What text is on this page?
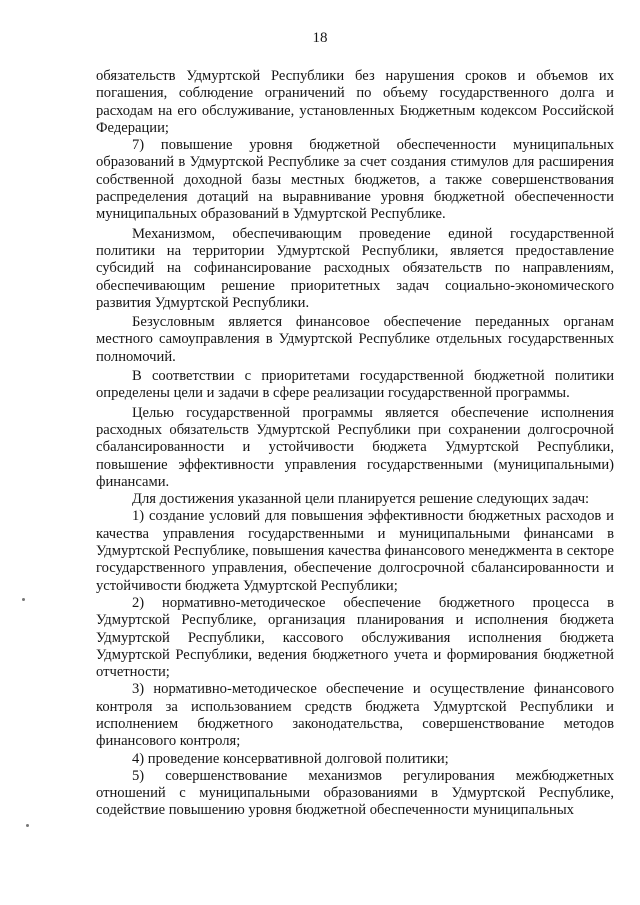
18

обязательств Удмуртской Республики без нарушения сроков и объемов их погашения, соблюдение ограничений по объему государственного долга и расходам на его обслуживание, установленных Бюджетным кодексом Российской Федерации;

7) повышение уровня бюджетной обеспеченности муниципальных образований в Удмуртской Республике за счет создания стимулов для расширения собственной доходной базы местных бюджетов, а также совершенствования распределения дотаций на выравнивание уровня бюджетной обеспеченности муниципальных образований в Удмуртской Республике.

Механизмом, обеспечивающим проведение единой государственной политики на территории Удмуртской Республики, является предоставление субсидий на софинансирование расходных обязательств по направлениям, обеспечивающим решение приоритетных задач социально-экономического развития Удмуртской Республики.

Безусловным является финансовое обеспечение переданных органам местного самоуправления в Удмуртской Республике отдельных государственных полномочий.

В соответствии с приоритетами государственной бюджетной политики определены цели и задачи в сфере реализации государственной программы.

Целью государственной программы является обеспечение исполнения расходных обязательств Удмуртской Республики при сохранении долгосрочной сбалансированности и устойчивости бюджета Удмуртской Республики, повышение эффективности управления государственными (муниципальными) финансами.

Для достижения указанной цели планируется решение следующих задач:

1) создание условий для повышения эффективности бюджетных расходов и качества управления государственными и муниципальными финансами в Удмуртской Республике, повышения качества финансового менеджмента в секторе государственного управления, обеспечение долгосрочной сбалансированности и устойчивости бюджета Удмуртской Республики;

2) нормативно-методическое обеспечение бюджетного процесса в Удмуртской Республике, организация планирования и исполнения бюджета Удмуртской Республики, кассового обслуживания исполнения бюджета Удмуртской Республики, ведения бюджетного учета и формирования бюджетной отчетности;

3) нормативно-методическое обеспечение и осуществление финансового контроля за использованием средств бюджета Удмуртской Республики и исполнением бюджетного законодательства, совершенствование методов финансового контроля;

4) проведение консервативной долговой политики;

5) совершенствование механизмов регулирования межбюджетных отношений с муниципальными образованиями в Удмуртской Республике, содействие повышению уровня бюджетной обеспеченности муниципальных
